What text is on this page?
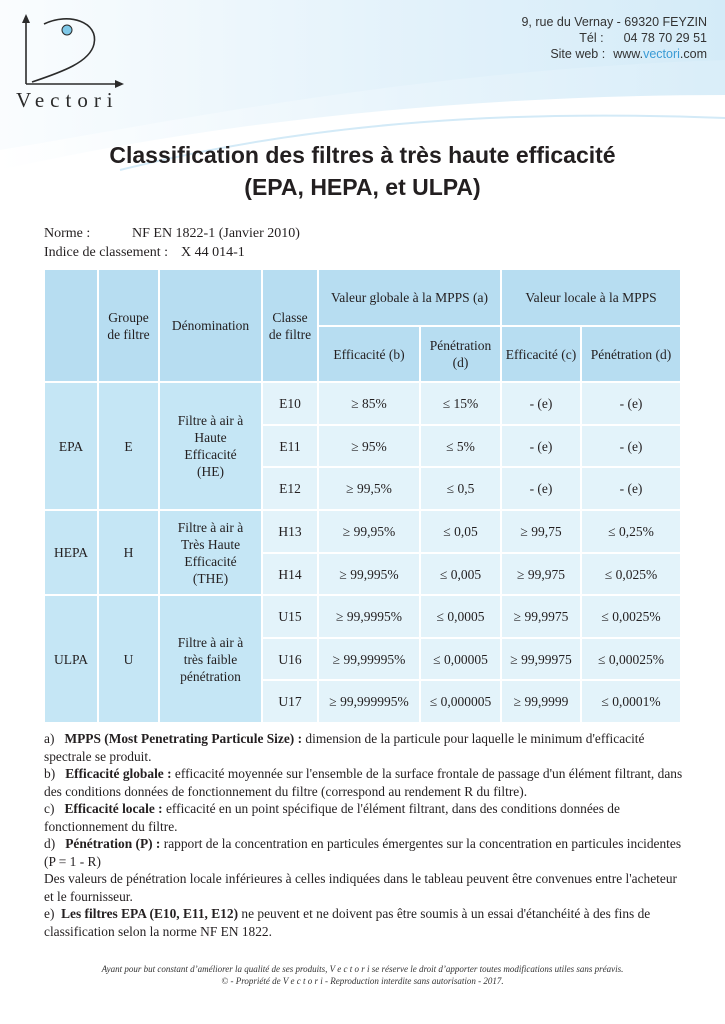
Vectori
9, rue du Vernay - 69320 FEYZIN
Tél : 04 78 70 29 51
Site web : www.vectori.com
Classification des filtres à très haute efficacité
(EPA, HEPA, et ULPA)
Norme :	NF EN 1822-1 (Janvier 2010)
Indice de classement : X 44 014-1
	Groupe de filtre	Dénomination	Classe de filtre	Valeur globale à la MPPS (a)		Valeur locale à la MPPS	
				Efficacité (b)	Pénétration (d)	Efficacité (c)	Pénétration (d)
EPA	E	Filtre à air à Haute Efficacité (HE)	E10	≥ 85%	≤ 15%	- (e)	- (e)
			E11	≥ 95%	≤ 5%	- (e)	- (e)
			E12	≥ 99,5%	≤ 0,5	- (e)	- (e)
HEPA	H	Filtre à air à Très Haute Efficacité (THE)	H13	≥ 99,95%	≤ 0,05	≥ 99,75	≤ 0,25%
			H14	≥ 99,995%	≤ 0,005	≥ 99,975	≤ 0,025%
ULPA	U	Filtre à air à très faible pénétration	U15	≥ 99,9995%	≤ 0,0005	≥ 99,9975	≤ 0,0025%
			U16	≥ 99,99995%	≤ 0,00005	≥ 99,99975	≤ 0,00025%
			U17	≥ 99,999995%	≤ 0,000005	≥ 99,9999	≤ 0,0001%

a) MPPS (Most Penetrating Particule Size) : dimension de la particule pour laquelle le minimum d'efficacité spectrale se produit.

b) Efficacité globale : efficacité moyennée sur l'ensemble de la surface frontale de passage d'un élément filtrant, dans des conditions données de fonctionnement du filtre (correspond au rendement R du filtre).

c) Efficacité locale : efficacité en un point spécifique de l'élément filtrant, dans des conditions données de fonctionnement du filtre.

d) Pénétration (P) : rapport de la concentration en particules émergentes sur la concentration en particules incidentes (P = 1 - R)

Des valeurs de pénétration locale inférieures à celles indiquées dans le tableau peuvent être convenues entre l'acheteur et le fournisseur.

e) Les filtres EPA (E10, E11, E12) ne peuvent et ne doivent pas être soumis à un essai d'étanchéité à des fins de classification selon la norme NF EN 1822.

Ayant pour but constant d’améliorer la qualité de ses produits, V e c t o r i se réserve le droit d’apporter toutes modifications utiles sans préavis.
© - Propriété de V e c t o r i - Reproduction interdite sans autorisation - 2017.
